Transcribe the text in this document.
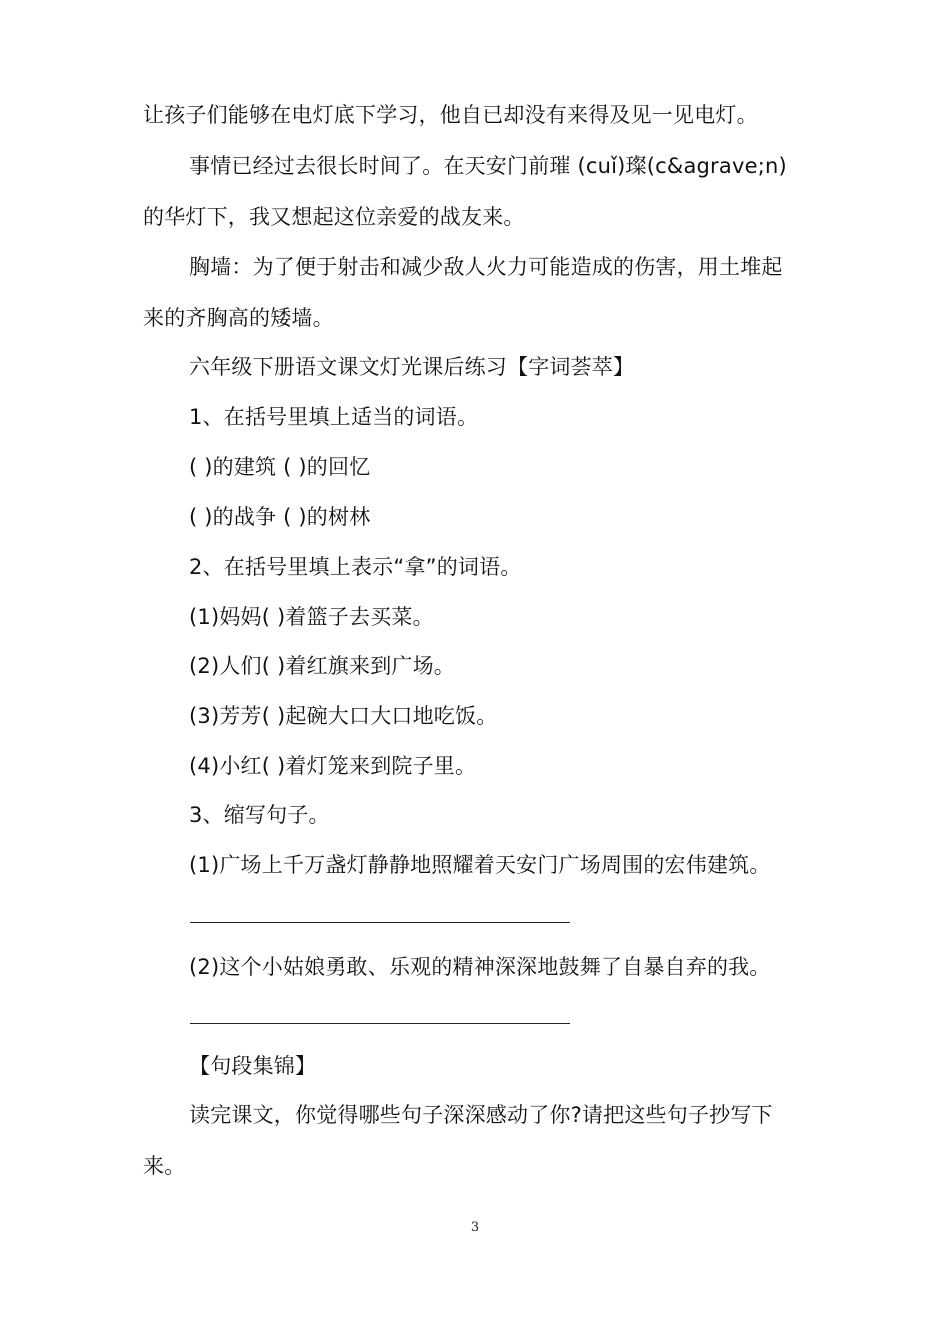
让孩子们能够在电灯底下学习，他自已却没有来得及见一见电灯。
事情已经过去很长时间了。在天安门前璀 (cuǐ)璨(c&agrave;n)
的华灯下，我又想起这位亲爱的战友来。
胸墙：为了便于射击和减少敌人火力可能造成的伤害，用土堆起
来的齐胸高的矮墙。
六年级下册语文课文灯光课后练习【字词荟萃】
1、在括号里填上适当的词语。
( )的建筑 ( )的回忆
( )的战争 ( )的树林
2、在括号里填上表示“拿”的词语。
(1)妈妈( )着篮子去买菜。
(2)人们( )着红旗来到广场。
(3)芳芳( )起碗大口大口地吃饭。
(4)小红( )着灯笼来到院子里。
3、缩写句子。
(1)广场上千万盏灯静静地照耀着天安门广场周围的宏伟建筑。
(2)这个小姑娘勇敢、乐观的精神深深地鼓舞了自暴自弃的我。
【句段集锦】
读完课文，你觉得哪些句子深深感动了你?请把这些句子抄写下
来。
3
